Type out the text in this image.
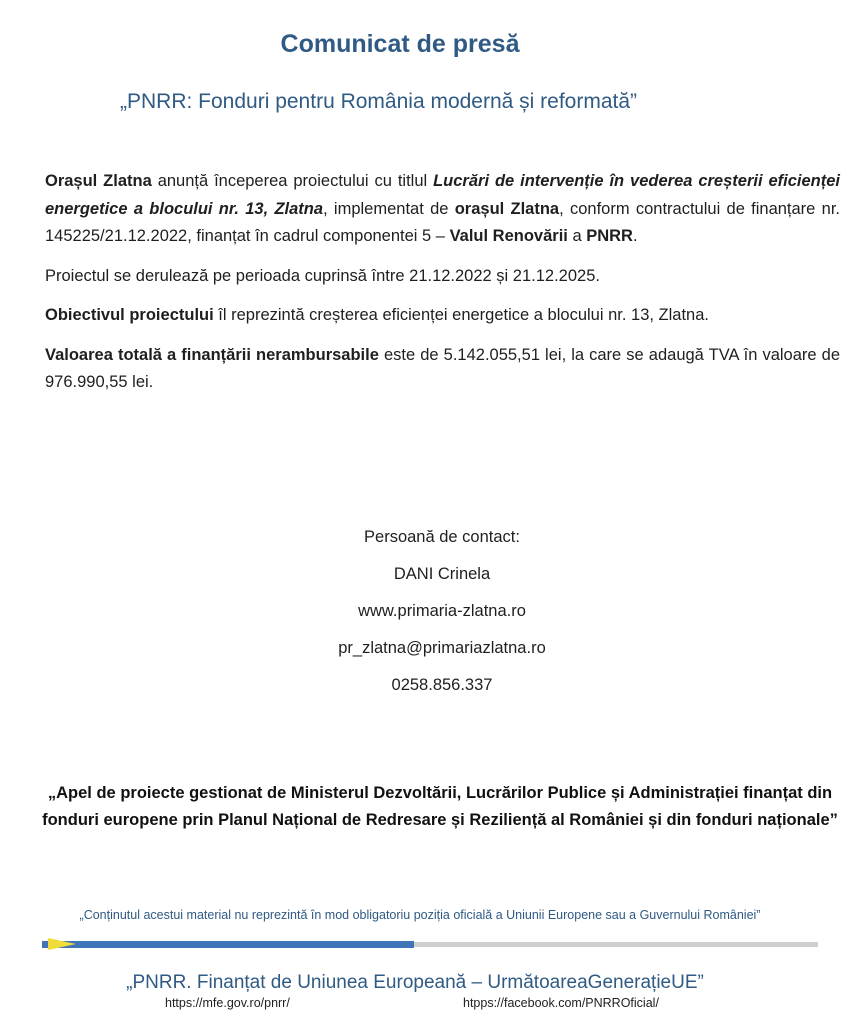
Comunicat de presă
„PNRR: Fonduri pentru România modernă și reformată”

Orașul Zlatna anunță începerea proiectului cu titlul Lucrări de intervenție în vederea creșterii eficienței energetice a blocului nr. 13, Zlatna, implementat de orașul Zlatna, conform contractului de finanțare nr. 145225/21.12.2022, finanțat în cadrul componentei 5 – Valul Renovării a PNRR.

Proiectul se derulează pe perioada cuprinsă între 21.12.2022 și 21.12.2025.

Obiectivul proiectului îl reprezintă creșterea eficienței energetice a blocului nr. 13, Zlatna.

Valoarea totală a finanțării nerambursabile este de 5.142.055,51 lei, la care se adaugă TVA în valoare de 976.990,55 lei.

Persoană de contact:
DANI Crinela
www.primaria-zlatna.ro
pr_zlatna@primariazlatna.ro
0258.856.337
„Apel de proiecte gestionat de Ministerul Dezvoltării, Lucrărilor Publice și Administrației finanțat din fonduri europene prin Planul Național de Redresare și Reziliență al României și din fonduri naționale”
„Conținutul acestui material nu reprezintă în mod obligatoriu poziția oficială a Uniunii Europene sau a Guvernului României”
„PNRR. Finanțat de Uniunea Europeană – UrmătoareaGenerațieUE”
https://mfe.gov.ro/pnrr/	htpps://facebook.com/PNRROficial/
